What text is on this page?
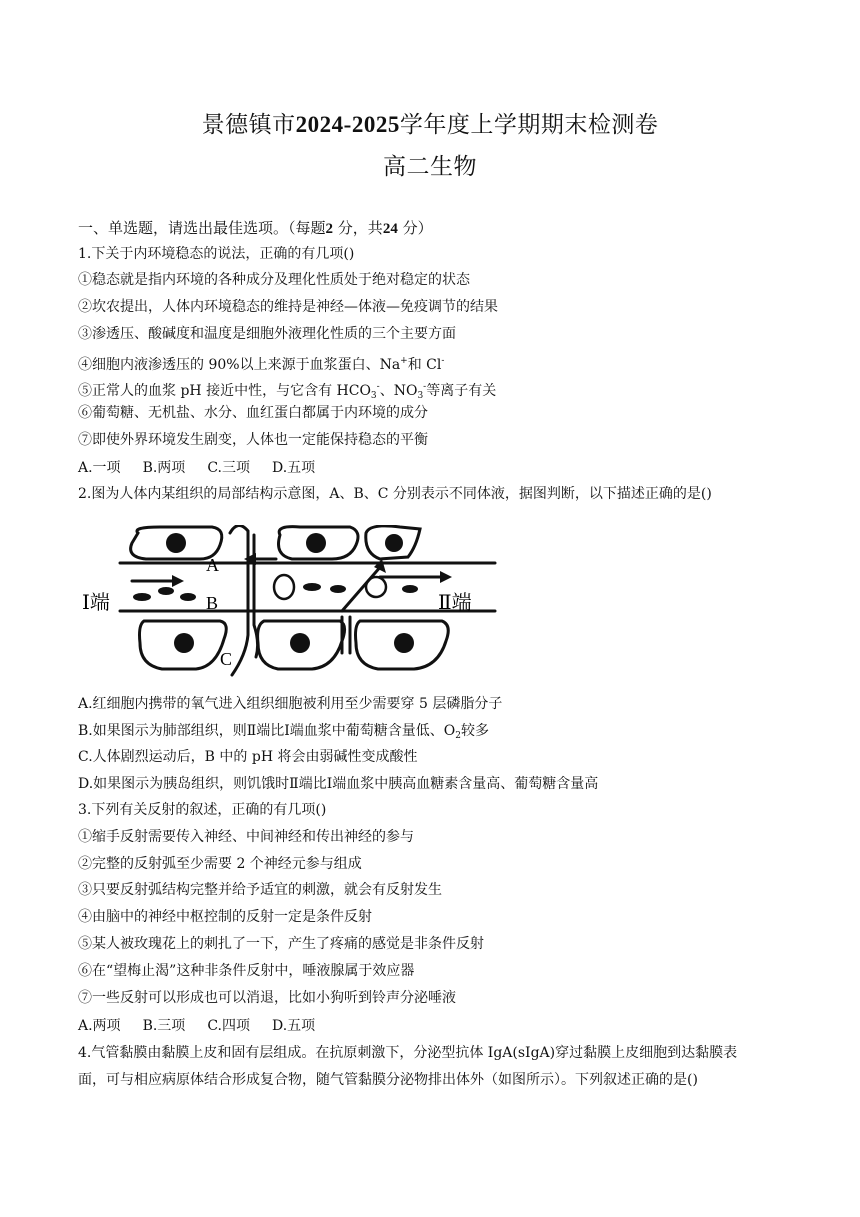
景德镇市2024-2025学年度上学期期末检测卷
高二生物
一、单选题，请选出最佳选项。（每题2 分，共24 分）
1.下关于内环境稳态的说法，正确的有几项()
①稳态就是指内环境的各种成分及理化性质处于绝对稳定的状态
②坎农提出，人体内环境稳态的维持是神经—体液—免疫调节的结果
③渗透压、酸碱度和温度是细胞外液理化性质的三个主要方面
④细胞内液渗透压的 90%以上来源于血浆蛋白、Na+和 Cl-
⑤正常人的血浆 pH 接近中性，与它含有 $HCO_3^-$、$NO_3^-$等离子有关
⑥葡萄糖、无机盐、水分、血红蛋白都属于内环境的成分
⑦即使外界环境发生剧变，人体也一定能保持稳态的平衡
A.一项 B.两项 C.三项 D.五项
2.图为人体内某组织的局部结构示意图，A、B、C 分别表示不同体液，据图判断，以下描述正确的是()
A
B
C
Ⅰ端	Ⅱ端
A.红细胞内携带的氧气进入组织细胞被利用至少需要穿 5 层磷脂分子
B.如果图示为肺部组织，则Ⅱ端比Ⅰ端血浆中葡萄糖含量低、$O_2$较多
C.人体剧烈运动后，B 中的 pH 将会由弱碱性变成酸性
D.如果图示为胰岛组织，则饥饿时Ⅱ端比Ⅰ端血浆中胰高血糖素含量高、葡萄糖含量高
3.下列有关反射的叙述，正确的有几项()
①缩手反射需要传入神经、中间神经和传出神经的参与
②完整的反射弧至少需要 2 个神经元参与组成
③只要反射弧结构完整并给予适宜的刺激，就会有反射发生
④由脑中的神经中枢控制的反射一定是条件反射
⑤某人被玫瑰花上的刺扎了一下，产生了疼痛的感觉是非条件反射
⑥在“望梅止渴”这种非条件反射中，唾液腺属于效应器
⑦一些反射可以形成也可以消退，比如小狗听到铃声分泌唾液
A.两项 B.三项 C.四项 D.五项
4.气管黏膜由黏膜上皮和固有层组成。在抗原刺激下，分泌型抗体 IgA(sIgA)穿过黏膜上皮细胞到达黏膜表
面，可与相应病原体结合形成复合物，随气管黏膜分泌物排出体外（如图所示）。下列叙述正确的是()
